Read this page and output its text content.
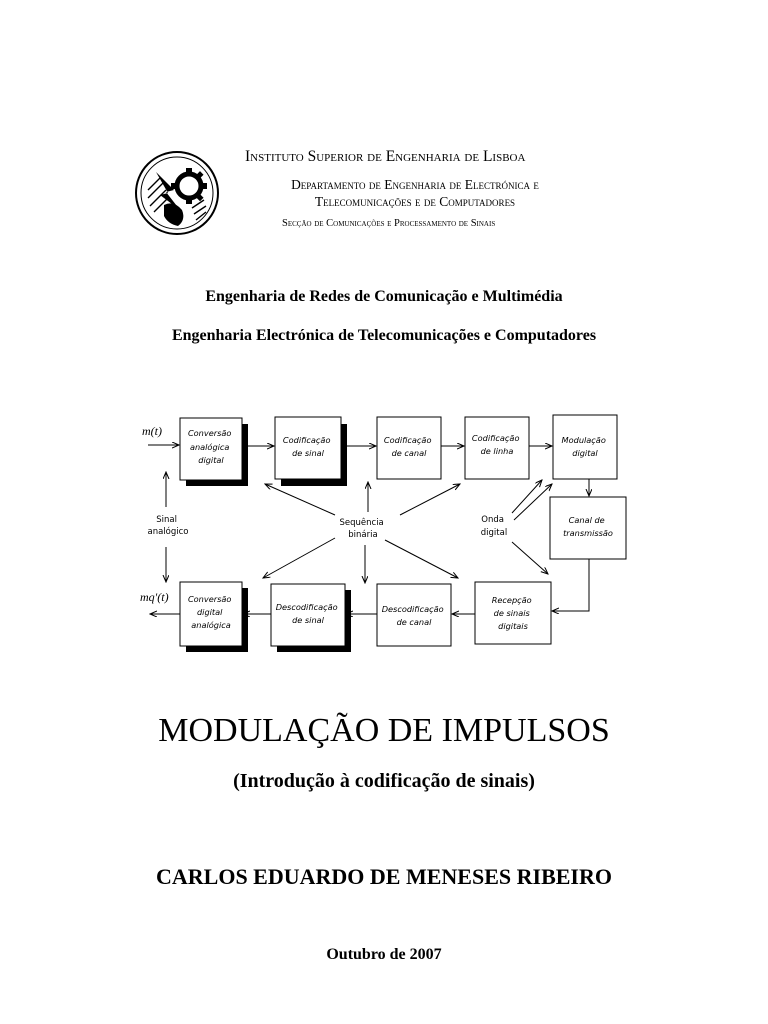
Instituto Superior de Engenharia de Lisboa
Departamento de Engenharia de Electrónica e
Telecomunicações e de Computadores
Secção de Comunicações e Processamento de Sinais
Engenharia de Redes de Comunicação e Multimédia
Engenharia Electrónica de Telecomunicações e Computadores
m(t)
mq'(t)
Conversão analógica digital
Codificação de sinal
Codificação de canal
Codificação de linha
Modulação digital
Canal de transmissão
Conversão digital analógica
Descodificação de sinal
Descodificação de canal
Recepção de sinais digitais
Sinal analógico
Sequência binária
Onda digital
MODULAÇÃO DE IMPULSOS
(Introdução à codificação de sinais)
CARLOS EDUARDO DE MENESES RIBEIRO
Outubro de 2007
